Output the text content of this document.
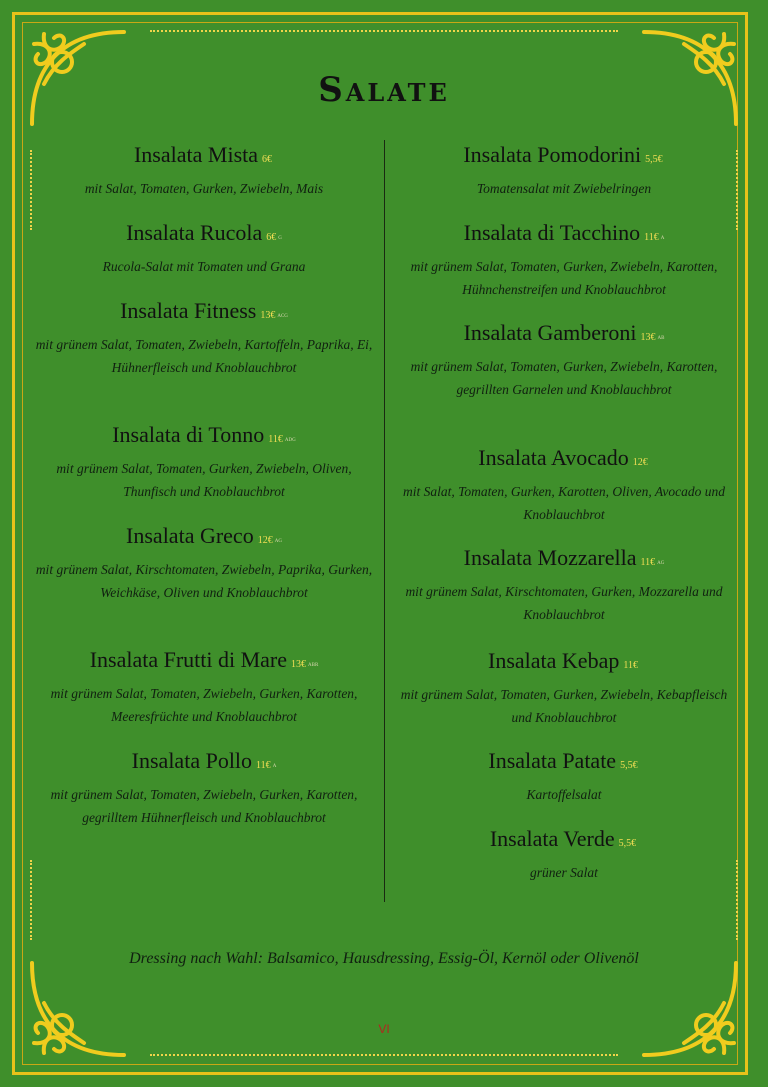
Salate
Insalata Mista 6€
mit Salat, Tomaten, Gurken, Zwiebeln, Mais
Insalata Rucola 6€ G
Rucola-Salat mit Tomaten und Grana
Insalata Fitness 13€ ACG
mit grünem Salat, Tomaten, Zwiebeln, Kartoffeln, Paprika, Ei, Hühnerfleisch und Knoblauchbrot
Insalata di Tonno 11€ ADG
mit grünem Salat, Tomaten, Gurken, Zwiebeln, Oliven, Thunfisch und Knoblauchbrot
Insalata Greco 12€ AG
mit grünem Salat, Kirschtomaten, Zwiebeln, Paprika, Gurken, Weichkäse, Oliven und Knoblauchbrot
Insalata Frutti di Mare 13€ ABR
mit grünem Salat, Tomaten, Zwiebeln, Gurken, Karotten, Meeresfrüchte und Knoblauchbrot
Insalata Pollo 11€ A
mit grünem Salat, Tomaten, Zwiebeln, Gurken, Karotten, gegrilltem Hühnerfleisch und Knoblauchbrot
Insalata Pomodorini 5,5€
Tomatensalat mit Zwiebelringen
Insalata di Tacchino 11€ A
mit grünem Salat, Tomaten, Gurken, Zwiebeln, Karotten, Hühnchenstreifen und Knoblauchbrot
Insalata Gamberoni 13€ AB
mit grünem Salat, Tomaten, Gurken, Zwiebeln, Karotten, gegrillten Garnelen und Knoblauchbrot
Insalata Avocado 12€
mit Salat, Tomaten, Gurken, Karotten, Oliven, Avocado und Knoblauchbrot
Insalata Mozzarella 11€ AG
mit grünem Salat, Kirschtomaten, Gurken, Mozzarella und Knoblauchbrot
Insalata Kebap 11€
mit grünem Salat, Tomaten, Gurken, Zwiebeln, Kebapfleisch und Knoblauchbrot
Insalata Patate 5,5€
Kartoffelsalat
Insalata Verde 5,5€
grüner Salat
Dressing nach Wahl: Balsamico, Hausdressing, Essig-Öl, Kernöl oder Olivenöl
VI
